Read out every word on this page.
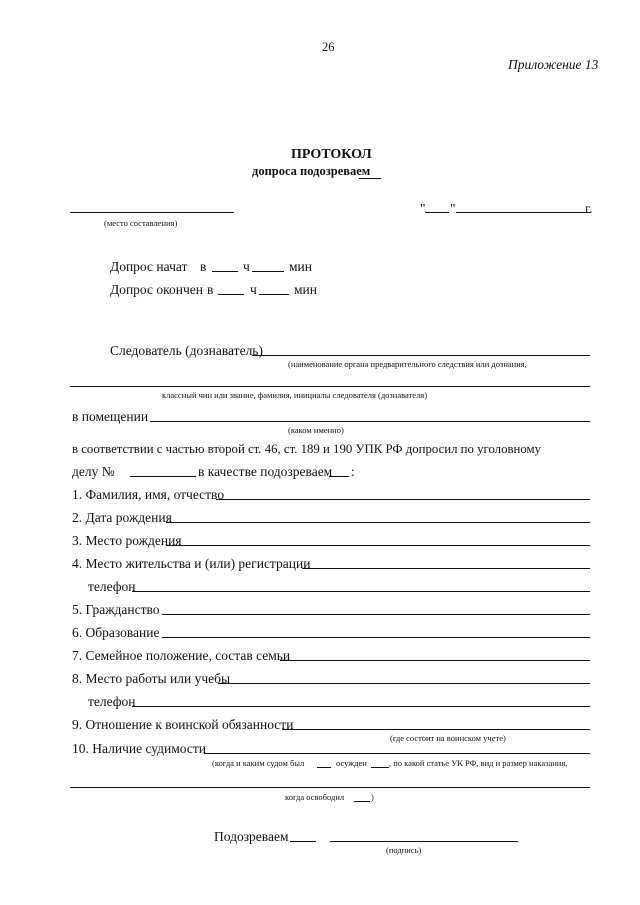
26
Приложение 13
ПРОТОКОЛ
допроса подозреваем
(место составления)
" "	г.
Допрос начат в	ч	мин
Допрос окончен в	ч	мин
Следователь (дознаватель)
(наименование органа предварительного следствия или дознания,
классный чин или звание, фамилия, инициалы следователя (дознавателя)
в помещении
(каком именно)
в соответствии с частью второй ст. 46, ст. 189 и 190 УПК РФ допросил по уголовному
делу №	в качестве подозреваем :
1. Фамилия, имя, отчество
2. Дата рождения
3. Место рождения
4. Место жительства и (или) регистрации
телефон
5. Гражданство
6. Образование
7. Семейное положение, состав семьи
8. Место работы или учебы
телефон
9. Отношение к воинской обязанности
(где состоит на воинском учете)
10. Наличие судимости
(когда и каким судом был	осужден	, по какой статье УК РФ, вид и размер наказания,
когда освободил	)
Подозреваем
(подпись)
